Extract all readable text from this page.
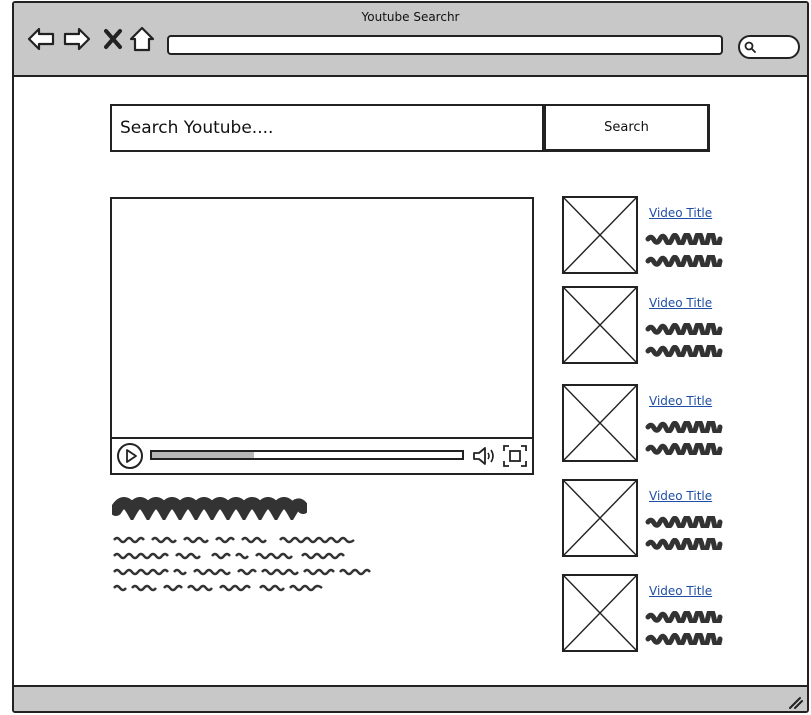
Youtube Searchr
Search Youtube....
Search
Video Title
Video Title
Video Title
Video Title
Video Title
